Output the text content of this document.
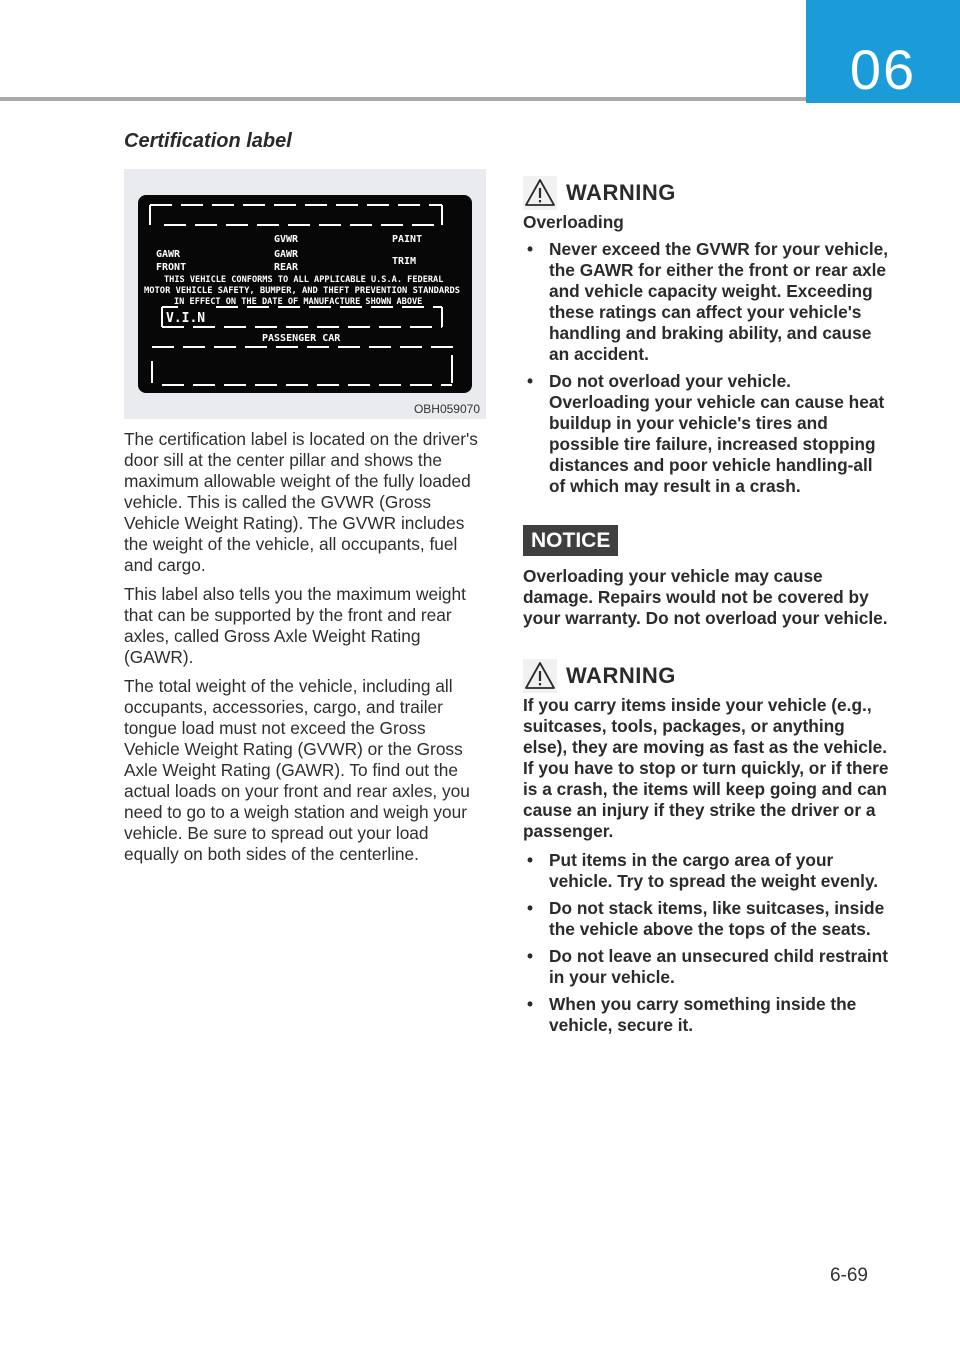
06
Certification label
GVWR	PAINT
GAWR	GAWR
FRONT	REAR
TRIM
THIS VEHICLE CONFORMS TO ALL APPLICABLE U.S.A. FEDERAL
MOTOR VEHICLE SAFETY, BUMPER, AND THEFT PREVENTION STANDARDS
IN EFFECT ON THE DATE OF MANUFACTURE SHOWN ABOVE
V.I.N
PASSENGER CAR
OBH059070

The certification label is located on the driver's door sill at the center pillar and shows the maximum allowable weight of the fully loaded vehicle. This is called the GVWR (Gross Vehicle Weight Rating). The GVWR includes the weight of the vehicle, all occupants, fuel and cargo.

This label also tells you the maximum weight that can be supported by the front and rear axles, called Gross Axle Weight Rating (GAWR).

The total weight of the vehicle, including all occupants, accessories, cargo, and trailer tongue load must not exceed the Gross Vehicle Weight Rating (GVWR) or the Gross Axle Weight Rating (GAWR). To find out the actual loads on your front and rear axles, you need to go to a weigh station and weigh your vehicle. Be sure to spread out your load equally on both sides of the centerline.

WARNING
Overloading
• Never exceed the GVWR for your vehicle, the GAWR for either the front or rear axle and vehicle capacity weight. Exceeding these ratings can affect your vehicle's handling and braking ability, and cause an accident.
• Do not overload your vehicle. Overloading your vehicle can cause heat buildup in your vehicle's tires and possible tire failure, increased stopping distances and poor vehicle handling-all of which may result in a crash.
NOTICE
Overloading your vehicle may cause damage. Repairs would not be covered by your warranty. Do not overload your vehicle.
WARNING
If you carry items inside your vehicle (e.g., suitcases, tools, packages, or anything else), they are moving as fast as the vehicle. If you have to stop or turn quickly, or if there is a crash, the items will keep going and can cause an injury if they strike the driver or a passenger.
• Put items in the cargo area of your vehicle. Try to spread the weight evenly.
• Do not stack items, like suitcases, inside the vehicle above the tops of the seats.
• Do not leave an unsecured child restraint in your vehicle.
• When you carry something inside the vehicle, secure it.
6-69
